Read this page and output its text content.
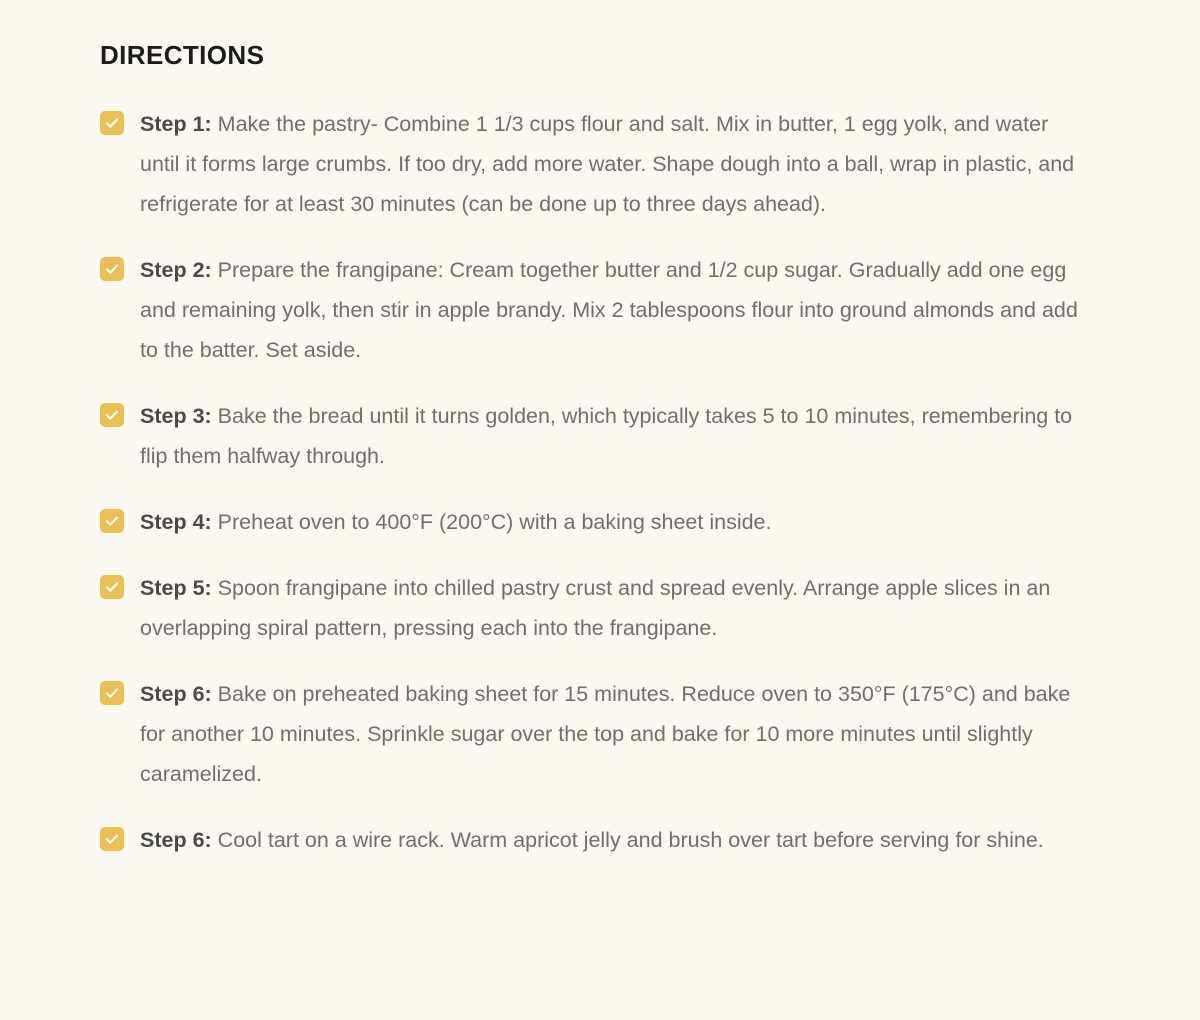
DIRECTIONS
Step 1: Make the pastry- Combine 1 1/3 cups flour and salt. Mix in butter, 1 egg yolk, and water until it forms large crumbs. If too dry, add more water. Shape dough into a ball, wrap in plastic, and refrigerate for at least 30 minutes (can be done up to three days ahead).
Step 2: Prepare the frangipane: Cream together butter and 1/2 cup sugar. Gradually add one egg and remaining yolk, then stir in apple brandy. Mix 2 tablespoons flour into ground almonds and add to the batter. Set aside.
Step 3: Bake the bread until it turns golden, which typically takes 5 to 10 minutes, remembering to flip them halfway through.
Step 4: Preheat oven to 400°F (200°C) with a baking sheet inside.
Step 5: Spoon frangipane into chilled pastry crust and spread evenly. Arrange apple slices in an overlapping spiral pattern, pressing each into the frangipane.
Step 6: Bake on preheated baking sheet for 15 minutes. Reduce oven to 350°F (175°C) and bake for another 10 minutes. Sprinkle sugar over the top and bake for 10 more minutes until slightly caramelized.
Step 6: Cool tart on a wire rack. Warm apricot jelly and brush over tart before serving for shine.
